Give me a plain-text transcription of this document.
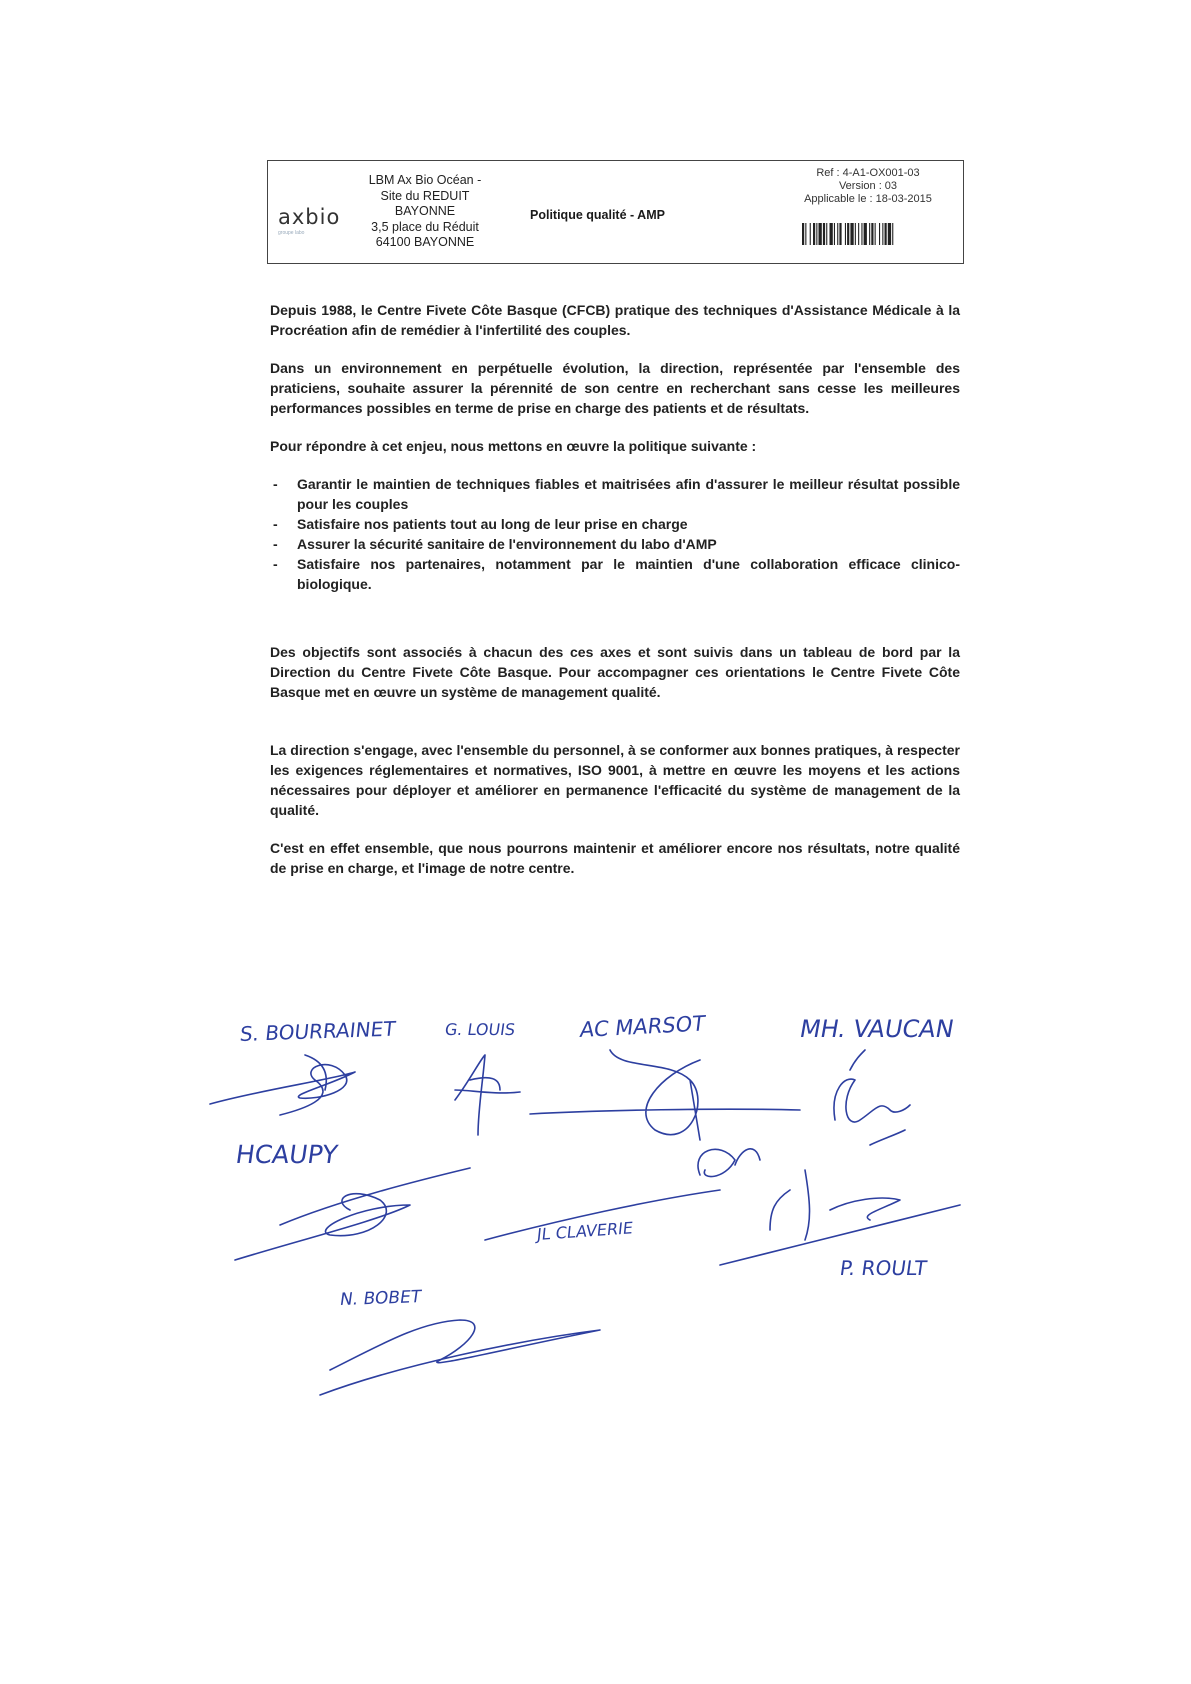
axbio
groupe labo
LBM Ax Bio Océan -
Site du REDUIT
BAYONNE
3,5 place du Réduit
64100 BAYONNE
Politique qualité - AMP
Ref : 4-A1-OX001-03
Version : 03
Applicable le : 18-03-2015

Depuis 1988, le Centre Fivete Côte Basque (CFCB) pratique des techniques d'Assistance Médicale à la Procréation afin de remédier à l'infertilité des couples.

Dans un environnement en perpétuelle évolution, la direction, représentée par l'ensemble des praticiens, souhaite assurer la pérennité de son centre en recherchant sans cesse les meilleures performances possibles en terme de prise en charge des patients et de résultats.

Pour répondre à cet enjeu, nous mettons en œuvre la politique suivante :

- Garantir le maintien de techniques fiables et maitrisées afin d'assurer le meilleur résultat possible pour les couples
- Satisfaire nos patients tout au long de leur prise en charge
- Assurer la sécurité sanitaire de l'environnement du labo d'AMP
- Satisfaire nos partenaires, notamment par le maintien d'une collaboration efficace clinico-biologique.

Des objectifs sont associés à chacun des ces axes et sont suivis dans un tableau de bord par la Direction du Centre Fivete Côte Basque. Pour accompagner ces orientations le Centre Fivete Côte Basque met en œuvre un système de management qualité.

La direction s'engage, avec l'ensemble du personnel, à se conformer aux bonnes pratiques, à respecter les exigences réglementaires et normatives, ISO 9001, à mettre en œuvre les moyens et les actions nécessaires pour déployer et améliorer en permanence l'efficacité du système de management de la qualité.

C'est en effet ensemble, que nous pourrons maintenir et améliorer encore nos résultats, notre qualité de prise en charge, et l'image de notre centre.

S. BOURRAINET	G. LOUIS	AC MARSOT	MH. VAUCAN
HCAUPY
JL CLAVERIE
P. ROULT
N. BOBET
